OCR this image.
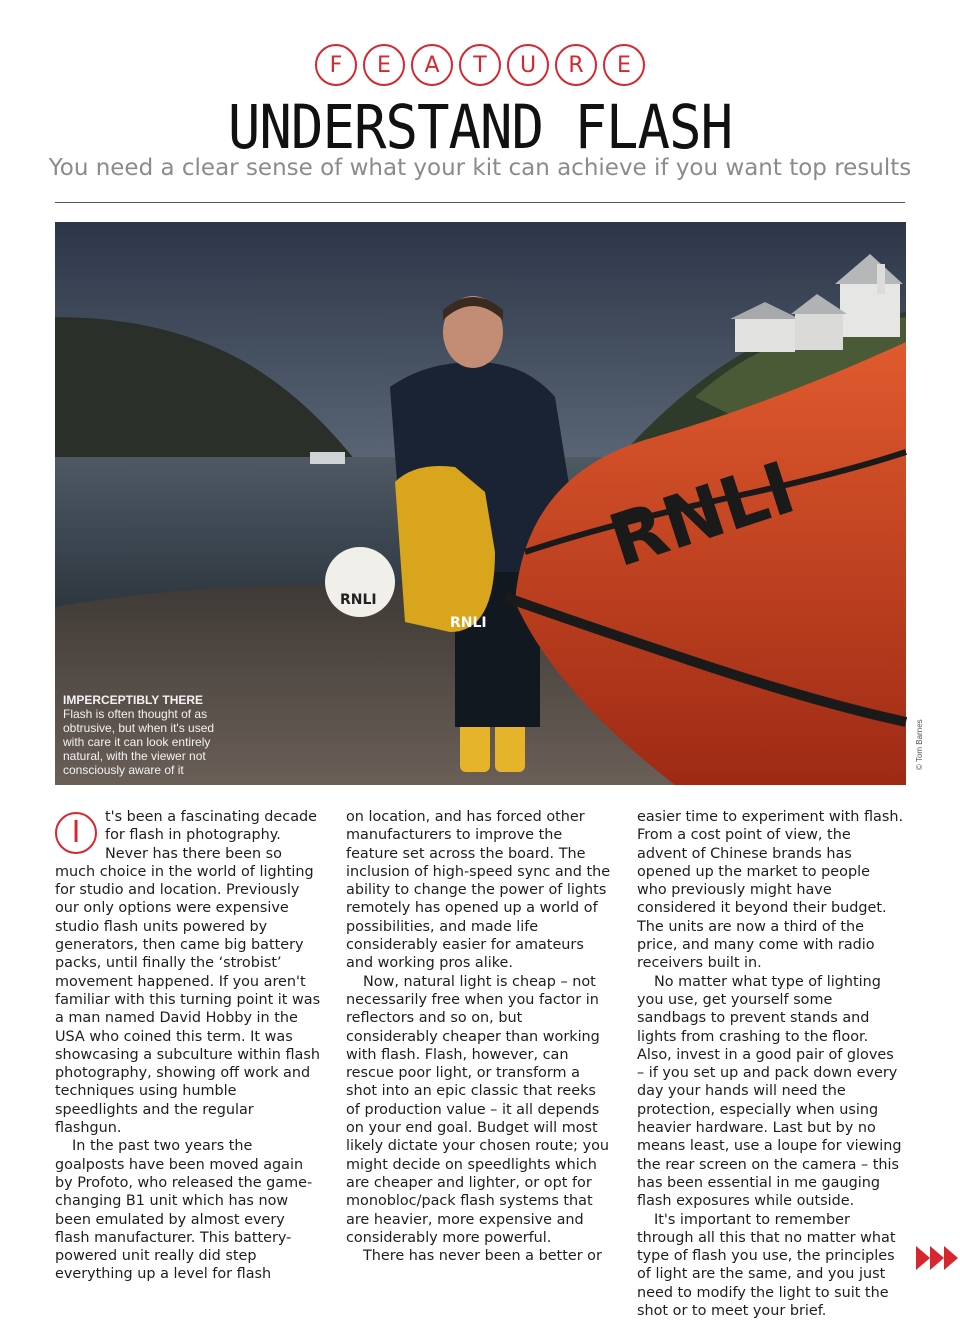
F	E	A	T	U	R	E
UNDERSTAND FLASH
You need a clear sense of what your kit can achieve if you want top results
RNLI
RNLI
RNLI
IMPERCEPTIBLY THERE
Flash is often thought of as obtrusive, but when it's used with care it can look entirely natural, with the viewer not consciously aware of it	© Tom Barnes

I	t's been a fascinating decade for flash in photography. Never has there been so much choice in the world of lighting for studio and location. Previously our only options were expensive studio flash units powered by generators, then came big battery packs, until finally the ‘strobist’ movement happened. If you aren't familiar with this turning point it was a man named David Hobby in the USA who coined this term. It was showcasing a subculture within flash photography, showing off work and techniques using humble speedlights and the regular flashgun.

In the past two years the goalposts have been moved again by Profoto, who released the game-changing B1 unit which has now been emulated by almost every flash manufacturer. This battery-powered unit really did step everything up a level for flash

on location, and has forced other manufacturers to improve the feature set across the board. The inclusion of high-speed sync and the ability to change the power of lights remotely has opened up a world of possibilities, and made life considerably easier for amateurs and working pros alike.

Now, natural light is cheap – not necessarily free when you factor in reflectors and so on, but considerably cheaper than working with flash. Flash, however, can rescue poor light, or transform a shot into an epic classic that reeks of production value – it all depends on your end goal. Budget will most likely dictate your chosen route; you might decide on speedlights which are cheaper and lighter, or opt for monobloc/pack flash systems that are heavier, more expensive and considerably more powerful.

There has never been a better or

easier time to experiment with flash. From a cost point of view, the advent of Chinese brands has opened up the market to people who previously might have considered it beyond their budget. The units are now a third of the price, and many come with radio receivers built in.

No matter what type of lighting you use, get yourself some sandbags to prevent stands and lights from crashing to the floor. Also, invest in a good pair of gloves – if you set up and pack down every day your hands will need the protection, especially when using heavier hardware. Last but by no means least, use a loupe for viewing the rear screen on the camera – this has been essential in me gauging flash exposures while outside.

It's important to remember through all this that no matter what type of flash you use, the principles of light are the same, and you just need to modify the light to suit the shot or to meet your brief.
